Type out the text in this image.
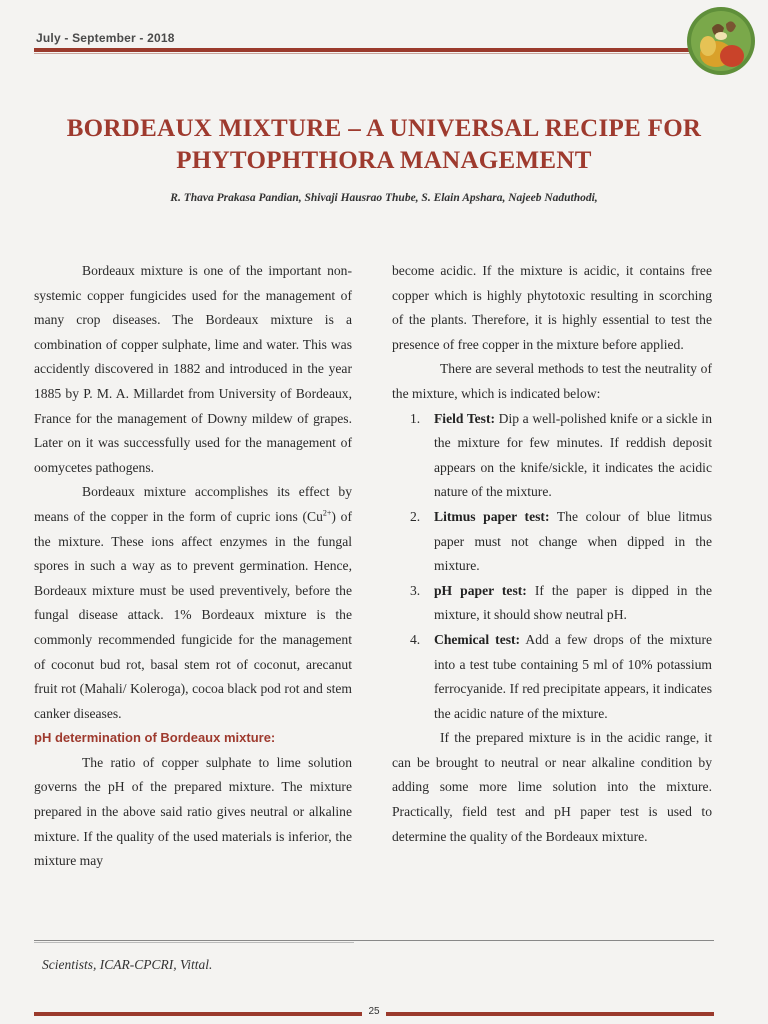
July - September - 2018
BORDEAUX MIXTURE – A UNIVERSAL RECIPE FOR PHYTOPHTHORA MANAGEMENT
R. Thava Prakasa Pandian, Shivaji Hausrao Thube, S. Elain Apshara, Najeeb Naduthodi,

Bordeaux mixture is one of the important non-systemic copper fungicides used for the management of many crop diseases. The Bordeaux mixture is a combination of copper sulphate, lime and water. This was accidently discovered in 1882 and introduced in the year 1885 by P. M. A. Millardet from University of Bordeaux, France for the management of Downy mildew of grapes. Later on it was successfully used for the management of oomycetes pathogens.

Bordeaux mixture accomplishes its effect by means of the copper in the form of cupric ions $(Cu^{2+})$ of the mixture. These ions affect enzymes in the fungal spores in such a way as to prevent germination. Hence, Bordeaux mixture must be used preventively, before the fungal disease attack. 1% Bordeaux mixture is the commonly recommended fungicide for the management of coconut bud rot, basal stem rot of coconut, arecanut fruit rot (Mahali/ Koleroga), cocoa black pod rot and stem canker diseases.

pH determination of Bordeaux mixture:

The ratio of copper sulphate to lime solution governs the pH of the prepared mixture. The mixture prepared in the above said ratio gives neutral or alkaline mixture. If the quality of the used materials is inferior, the mixture may

become acidic. If the mixture is acidic, it contains free copper which is highly phytotoxic resulting in scorching of the plants. Therefore, it is highly essential to test the presence of free copper in the mixture before applied.

There are several methods to test the neutrality of the mixture, which is indicated below:

1. Field Test: Dip a well-polished knife or a sickle in the mixture for few minutes. If reddish deposit appears on the knife/sickle, it indicates the acidic nature of the mixture.
2. Litmus paper test: The colour of blue litmus paper must not change when dipped in the mixture.
3. pH paper test: If the paper is dipped in the mixture, it should show neutral pH.
4. Chemical test: Add a few drops of the mixture into a test tube containing 5 ml of 10% potassium ferrocyanide. If red precipitate appears, it indicates the acidic nature of the mixture.

If the prepared mixture is in the acidic range, it can be brought to neutral or near alkaline condition by adding some more lime solution into the mixture. Practically, field test and pH paper test is used to determine the quality of the Bordeaux mixture.

Scientists, ICAR-CPCRI, Vittal.
25
